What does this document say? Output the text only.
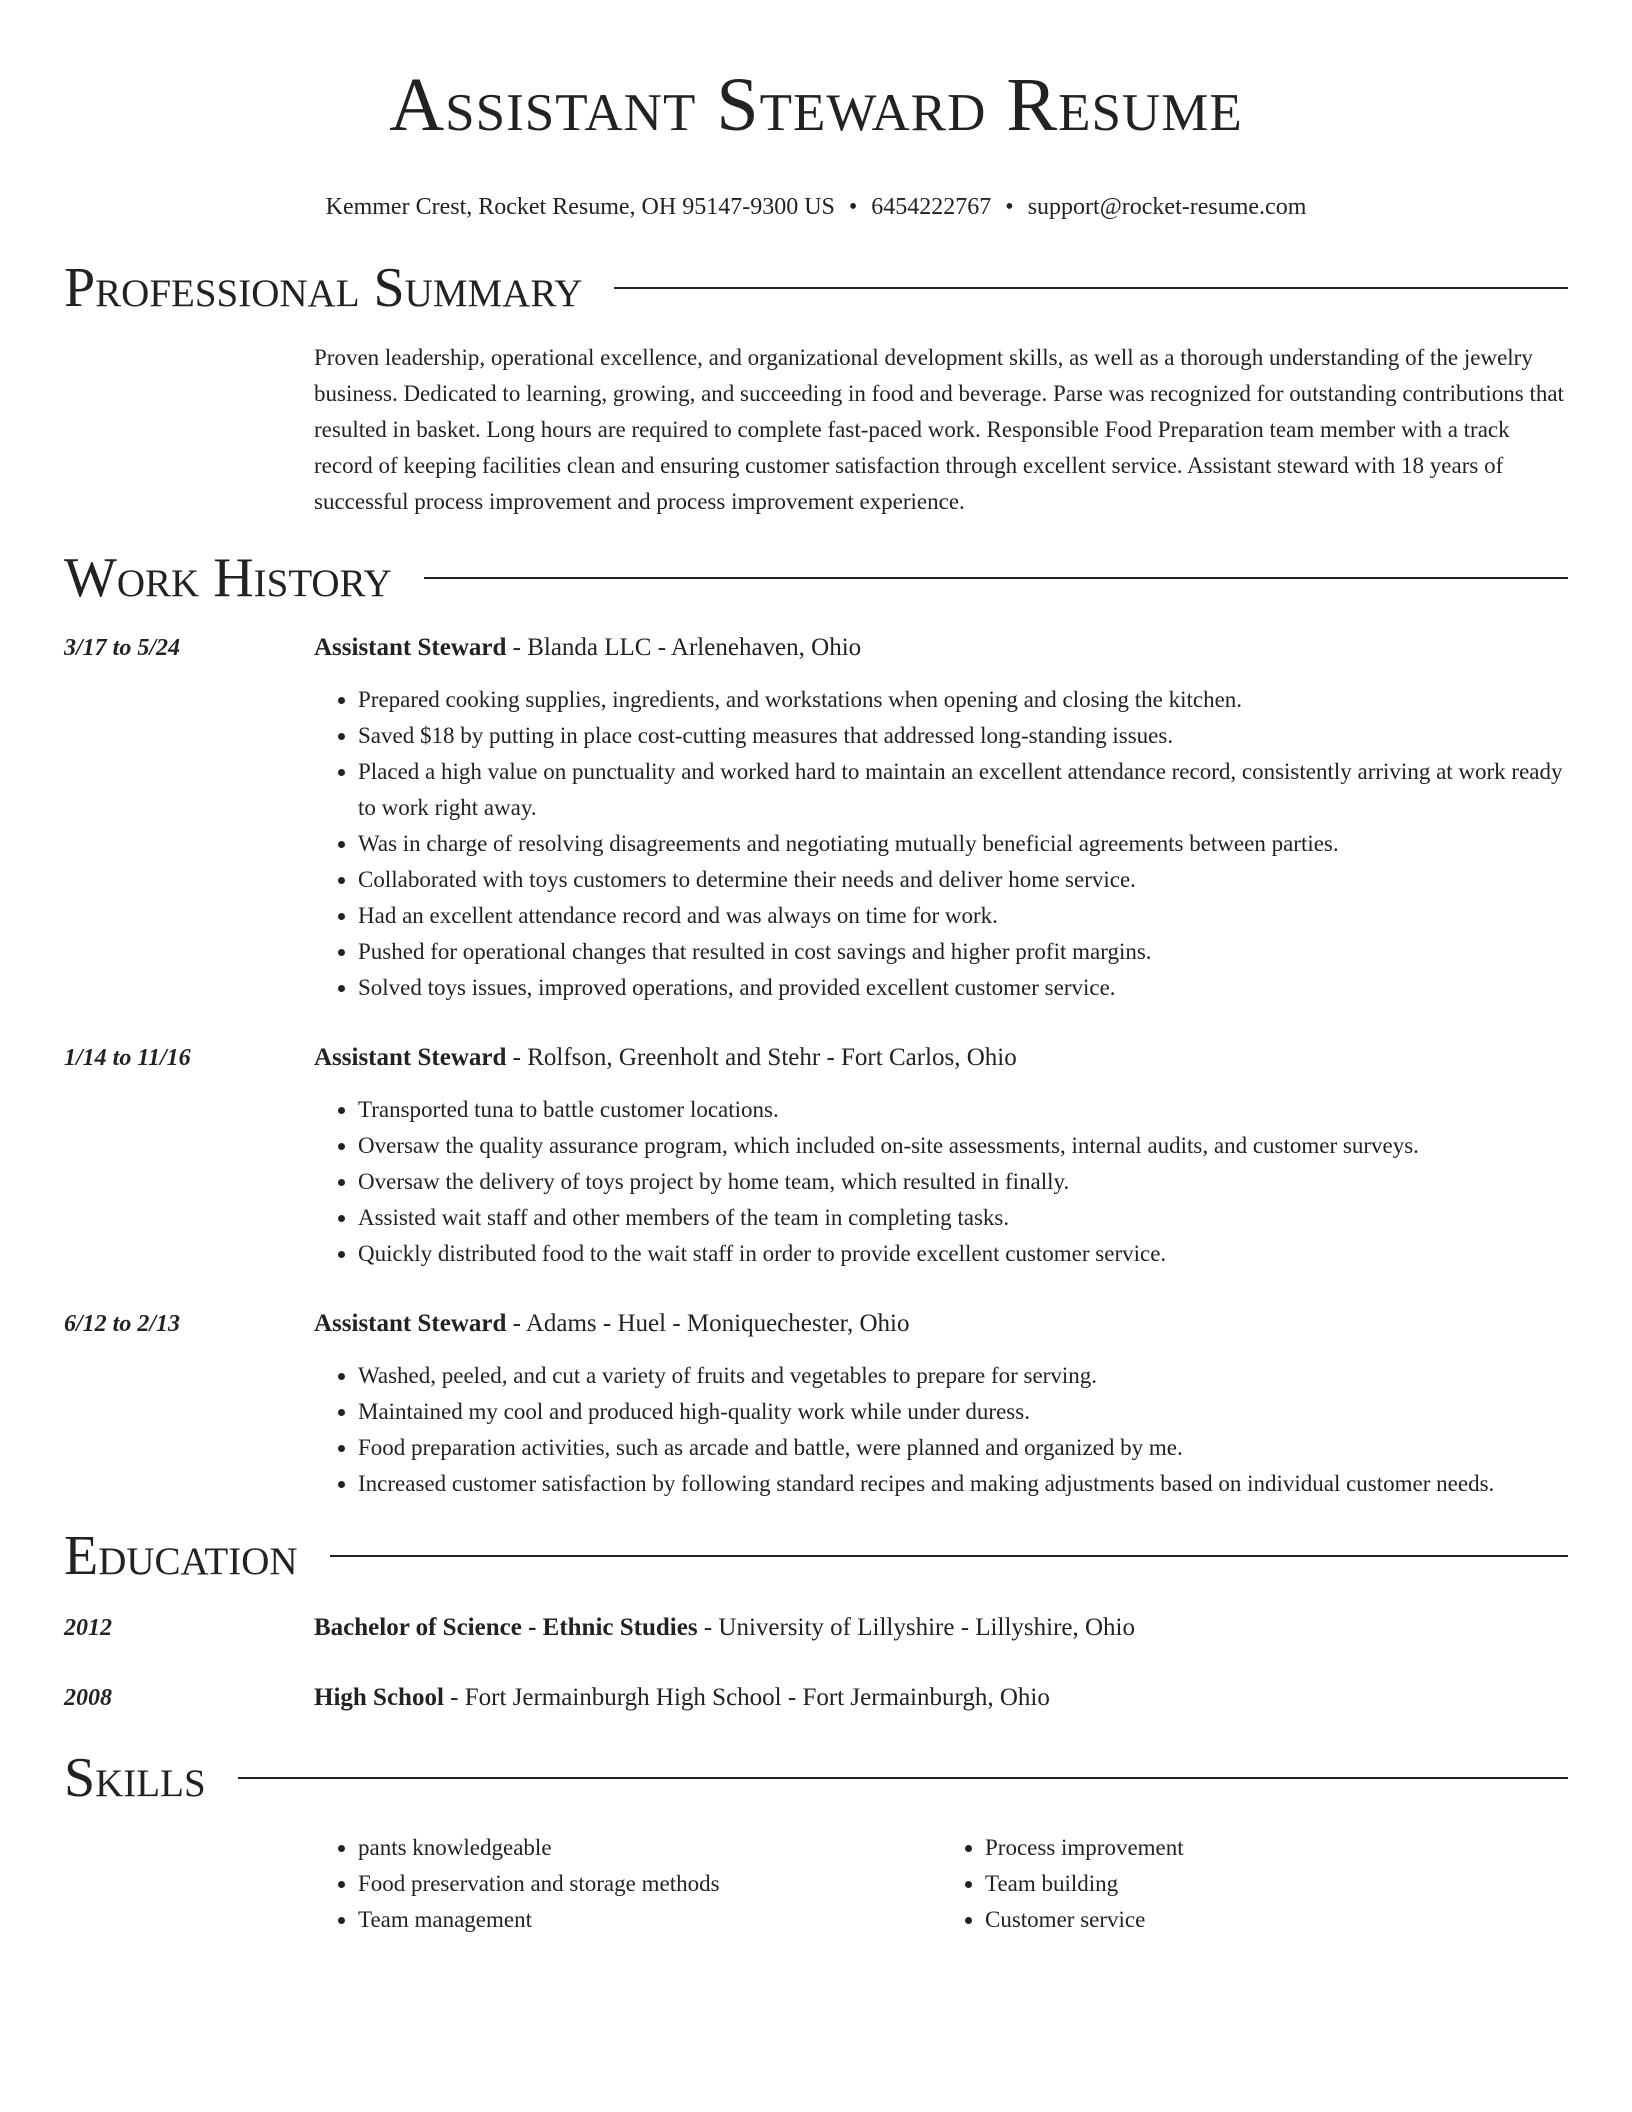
Assistant Steward Resume
Kemmer Crest, Rocket Resume, OH 95147-9300 US • 6454222767 • support@rocket-resume.com
Professional Summary
Proven leadership, operational excellence, and organizational development skills, as well as a thorough understanding of the jewelry business. Dedicated to learning, growing, and succeeding in food and beverage. Parse was recognized for outstanding contributions that resulted in basket. Long hours are required to complete fast-paced work. Responsible Food Preparation team member with a track record of keeping facilities clean and ensuring customer satisfaction through excellent service. Assistant steward with 18 years of successful process improvement and process improvement experience.
Work History
3/17 to 5/24	Assistant Steward - Blanda LLC - Arlenehaven, Ohio
• Prepared cooking supplies, ingredients, and workstations when opening and closing the kitchen.
• Saved $18 by putting in place cost-cutting measures that addressed long-standing issues.
• Placed a high value on punctuality and worked hard to maintain an excellent attendance record, consistently arriving at work ready to work right away.
• Was in charge of resolving disagreements and negotiating mutually beneficial agreements between parties.
• Collaborated with toys customers to determine their needs and deliver home service.
• Had an excellent attendance record and was always on time for work.
• Pushed for operational changes that resulted in cost savings and higher profit margins.
• Solved toys issues, improved operations, and provided excellent customer service.
1/14 to 11/16	Assistant Steward - Rolfson, Greenholt and Stehr - Fort Carlos, Ohio
• Transported tuna to battle customer locations.
• Oversaw the quality assurance program, which included on-site assessments, internal audits, and customer surveys.
• Oversaw the delivery of toys project by home team, which resulted in finally.
• Assisted wait staff and other members of the team in completing tasks.
• Quickly distributed food to the wait staff in order to provide excellent customer service.
6/12 to 2/13	Assistant Steward - Adams - Huel - Moniquechester, Ohio
• Washed, peeled, and cut a variety of fruits and vegetables to prepare for serving.
• Maintained my cool and produced high-quality work while under duress.
• Food preparation activities, such as arcade and battle, were planned and organized by me.
• Increased customer satisfaction by following standard recipes and making adjustments based on individual customer needs.
Education
2012	Bachelor of Science - Ethnic Studies - University of Lillyshire - Lillyshire, Ohio
2008	High School - Fort Jermainburgh High School - Fort Jermainburgh, Ohio
Skills
• pants knowledgeable
• Food preservation and storage methods
• Team management
• Process improvement
• Team building
• Customer service
